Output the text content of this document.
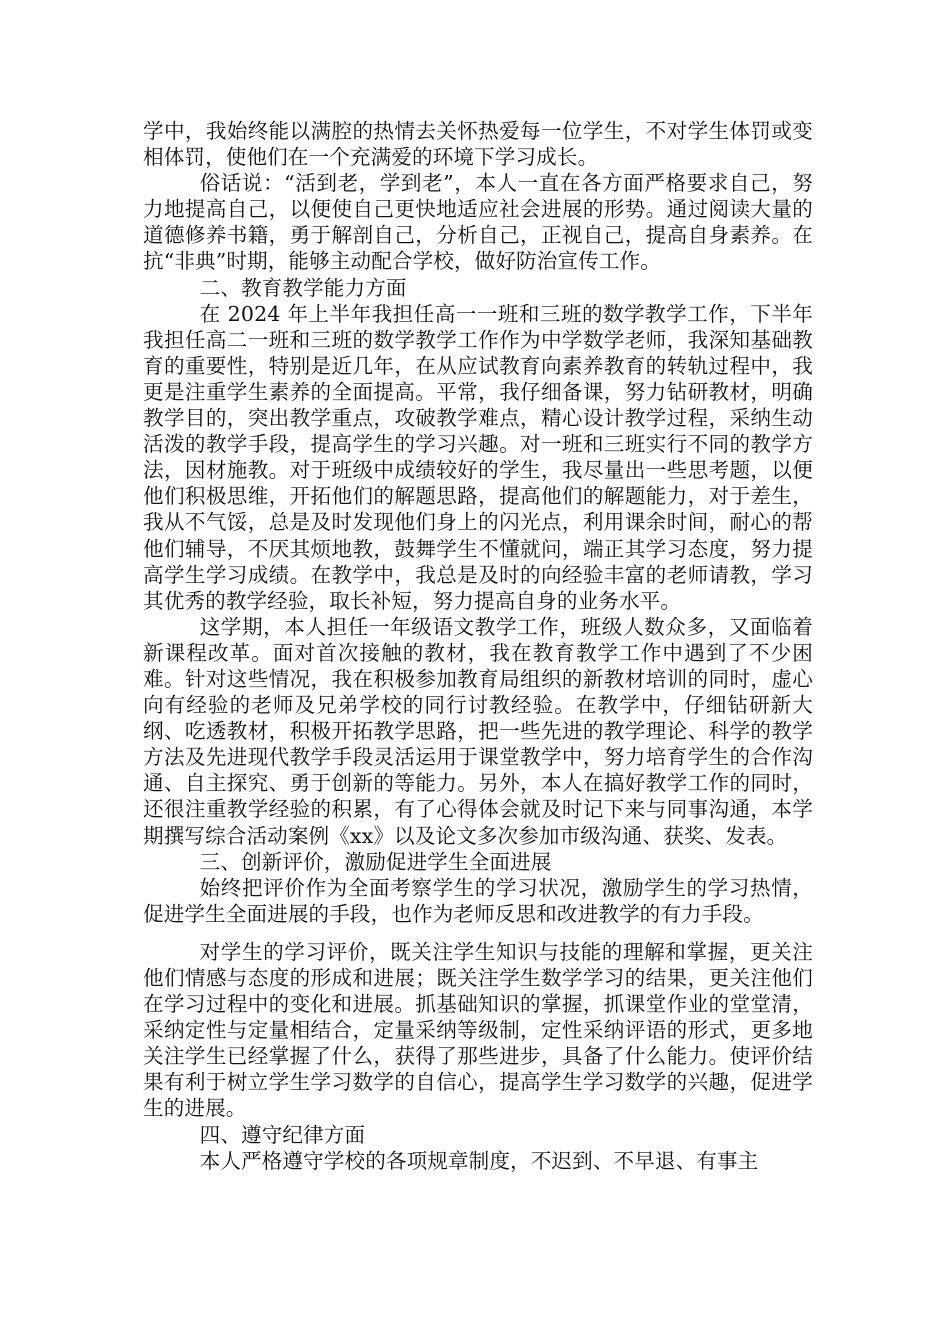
学中，我始终能以满腔的热情去关怀热爱每一位学生，不对学生体罚或变相体罚，使他们在一个充满爱的环境下学习成长。

俗话说：“活到老，学到老”，本人一直在各方面严格要求自己，努力地提高自己，以便使自己更快地适应社会进展的形势。通过阅读大量的道德修养书籍，勇于解剖自己，分析自己，正视自己，提高自身素养。在抗“非典”时期，能够主动配合学校，做好防治宣传工作。

二、教育教学能力方面

在 2024 年上半年我担任高一一班和三班的数学教学工作，下半年我担任高二一班和三班的数学教学工作作为中学数学老师，我深知基础教育的重要性，特别是近几年，在从应试教育向素养教育的转轨过程中，我更是注重学生素养的全面提高。平常，我仔细备课，努力钻研教材，明确教学目的，突出教学重点，攻破教学难点，精心设计教学过程，采纳生动活泼的教学手段，提高学生的学习兴趣。对一班和三班实行不同的教学方法，因材施教。对于班级中成绩较好的学生，我尽量出一些思考题，以便他们积极思维，开拓他们的解题思路，提高他们的解题能力，对于差生，我从不气馁，总是及时发现他们身上的闪光点，利用课余时间，耐心的帮他们辅导，不厌其烦地教，鼓舞学生不懂就问，端正其学习态度，努力提高学生学习成绩。在教学中，我总是及时的向经验丰富的老师请教，学习其优秀的教学经验，取长补短，努力提高自身的业务水平。

这学期，本人担任一年级语文教学工作，班级人数众多，又面临着新课程改革。面对首次接触的教材，我在教育教学工作中遇到了不少困难。针对这些情况，我在积极参加教育局组织的新教材培训的同时，虚心向有经验的老师及兄弟学校的同行讨教经验。在教学中，仔细钻研新大纲、吃透教材，积极开拓教学思路，把一些先进的教学理论、科学的教学方法及先进现代教学手段灵活运用于课堂教学中，努力培育学生的合作沟通、自主探究、勇于创新的等能力。另外，本人在搞好教学工作的同时，还很注重教学经验的积累，有了心得体会就及时记下来与同事沟通，本学期撰写综合活动案例《xx》以及论文多次参加市级沟通、获奖、发表。

三、创新评价，激励促进学生全面进展

始终把评价作为全面考察学生的学习状况，激励学生的学习热情，促进学生全面进展的手段，也作为老师反思和改进教学的有力手段。

对学生的学习评价，既关注学生知识与技能的理解和掌握，更关注他们情感与态度的形成和进展；既关注学生数学学习的结果，更关注他们在学习过程中的变化和进展。抓基础知识的掌握，抓课堂作业的堂堂清，采纳定性与定量相结合，定量采纳等级制，定性采纳评语的形式，更多地关注学生已经掌握了什么，获得了那些进步，具备了什么能力。使评价结果有利于树立学生学习数学的自信心，提高学生学习数学的兴趣，促进学生的进展。

四、遵守纪律方面

本人严格遵守学校的各项规章制度，不迟到、不早退、有事主
